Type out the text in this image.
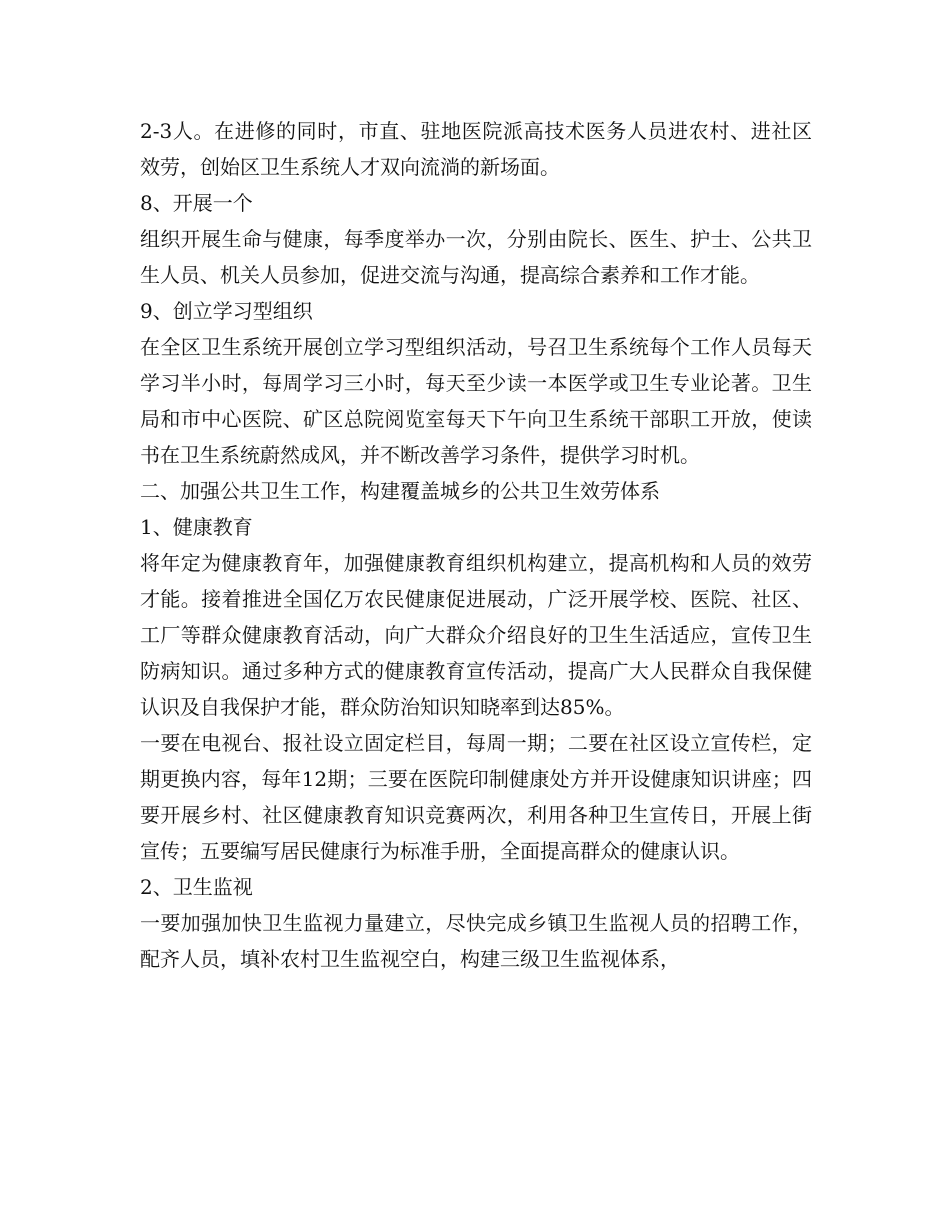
2-3人。在进修的同时，市直、驻地医院派高技术医务人员进农村、进社区效劳，创始区卫生系统人才双向流淌的新场面。

8、开展一个

组织开展生命与健康，每季度举办一次，分别由院长、医生、护士、公共卫生人员、机关人员参加，促进交流与沟通，提高综合素养和工作才能。

9、创立学习型组织

在全区卫生系统开展创立学习型组织活动，号召卫生系统每个工作人员每天学习半小时，每周学习三小时，每天至少读一本医学或卫生专业论著。卫生局和市中心医院、矿区总院阅览室每天下午向卫生系统干部职工开放，使读书在卫生系统蔚然成风，并不断改善学习条件，提供学习时机。

二、加强公共卫生工作，构建覆盖城乡的公共卫生效劳体系

1、健康教育

将年定为健康教育年，加强健康教育组织机构建立，提高机构和人员的效劳才能。接着推进全国亿万农民健康促进展动，广泛开展学校、医院、社区、工厂等群众健康教育活动，向广大群众介绍良好的卫生生活适应，宣传卫生防病知识。通过多种方式的健康教育宣传活动，提高广大人民群众自我保健认识及自我保护才能，群众防治知识知晓率到达85%。

一要在电视台、报社设立固定栏目，每周一期；二要在社区设立宣传栏，定期更换内容，每年12期；三要在医院印制健康处方并开设健康知识讲座；四要开展乡村、社区健康教育知识竞赛两次，利用各种卫生宣传日，开展上街宣传；五要编写居民健康行为标准手册，全面提高群众的健康认识。

2、卫生监视

一要加强加快卫生监视力量建立，尽快完成乡镇卫生监视人员的招聘工作，配齐人员，填补农村卫生监视空白，构建三级卫生监视体系，
